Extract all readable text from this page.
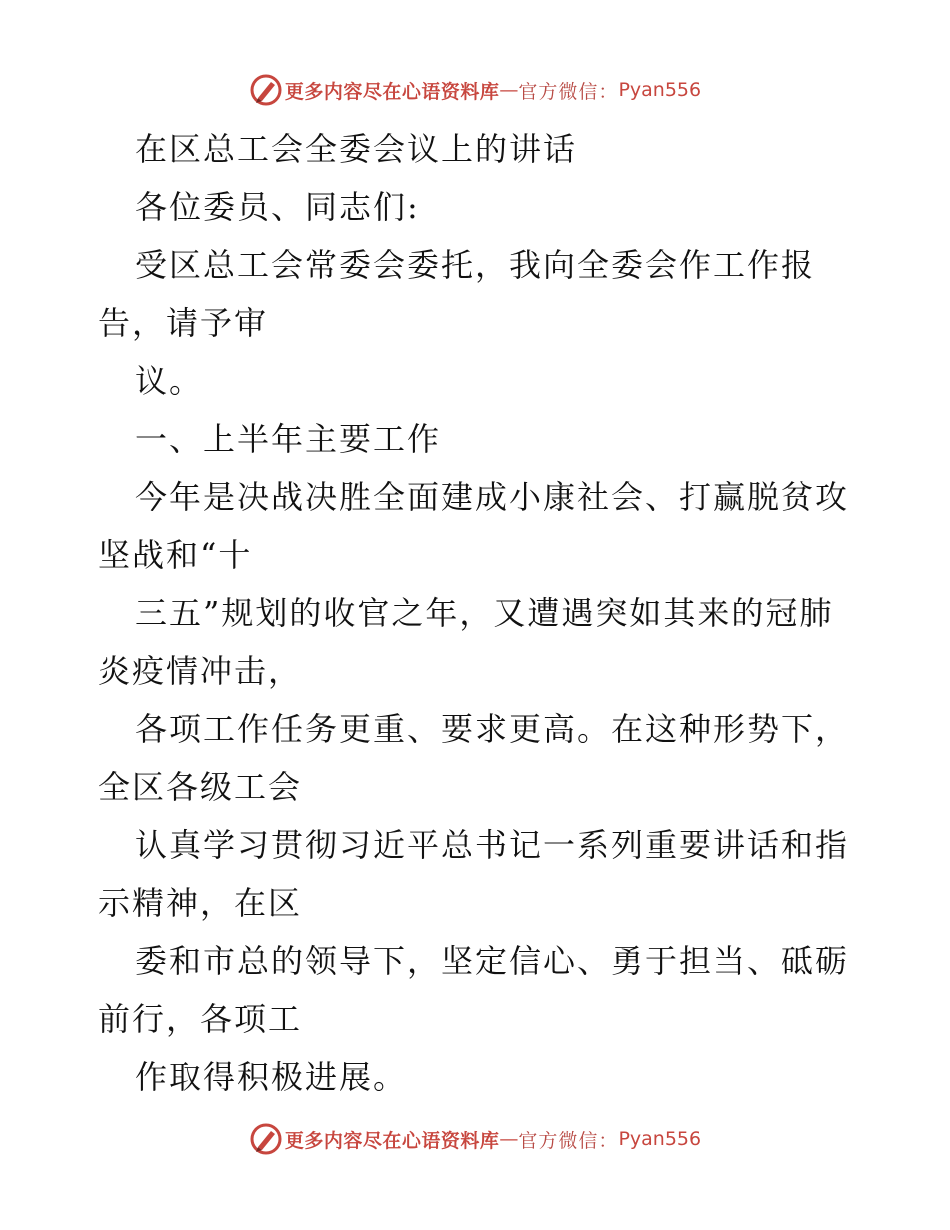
更多内容尽在心语资料库 — 官方微信： Pyan556
在区总工会全委会议上的讲话
各位委员、同志们:
受区总工会常委会委托，我向全委会作工作报
告，请予审
议。
一、上半年主要工作
今年是决战决胜全面建成小康社会、打赢脱贫攻
坚战和“十
三五”规划的收官之年，又遭遇突如其来的冠肺
炎疫情冲击，
各项工作任务更重、要求更高。在这种形势下，
全区各级工会
认真学习贯彻习近平总书记一系列重要讲话和指
示精神，在区
委和市总的领导下，坚定信心、勇于担当、砥砺
前行，各项工
作取得积极进展。
更多内容尽在心语资料库 — 官方微信： Pyan556
